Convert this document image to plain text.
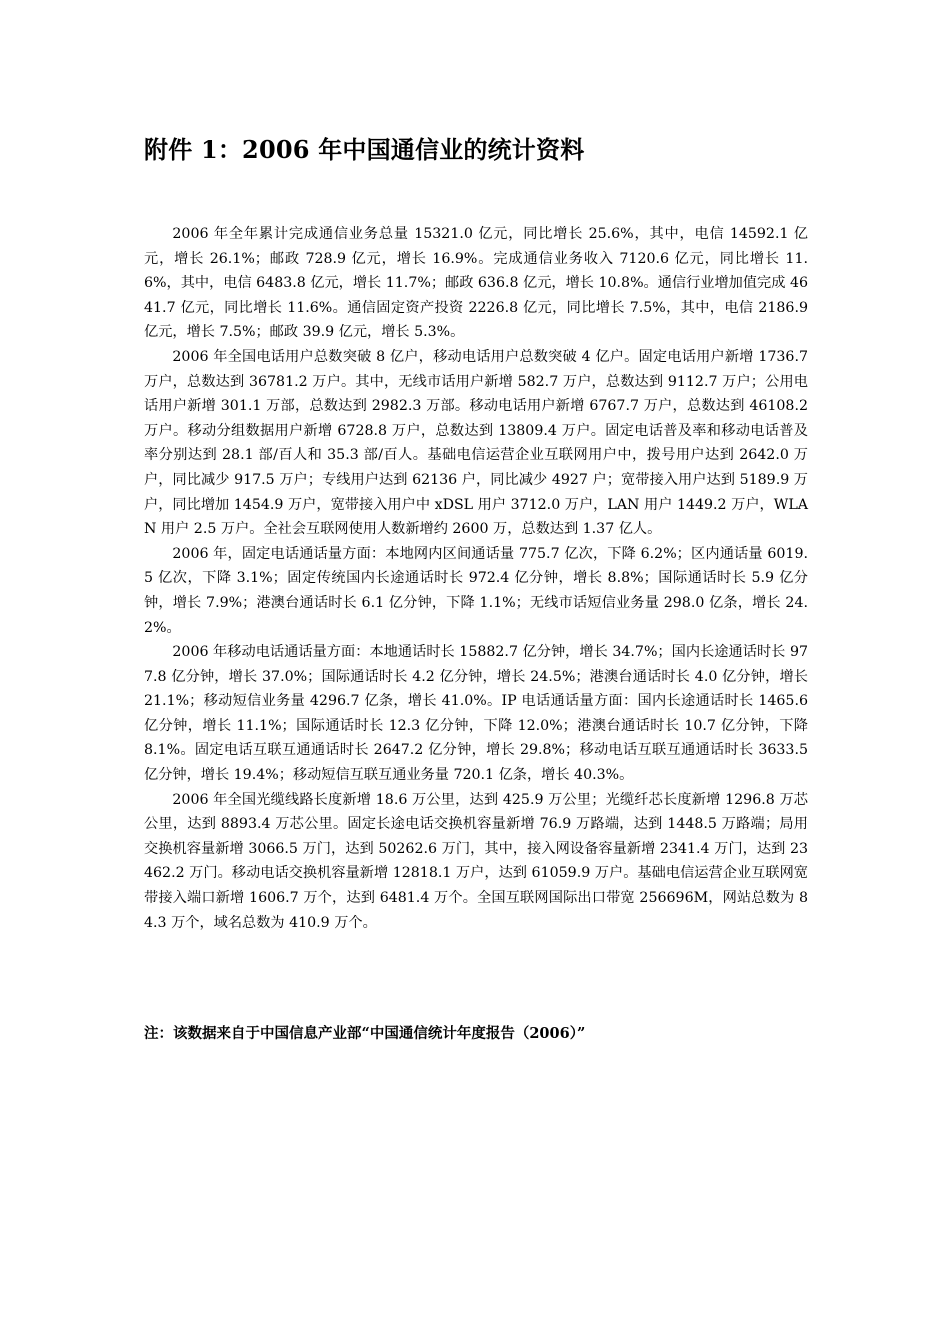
附件 1：2006 年中国通信业的统计资料

2006 年全年累计完成通信业务总量 15321.0 亿元，同比增长 25.6%，其中，电信 14592.1 亿元，增长 26.1%；邮政 728.9 亿元，增长 16.9%。完成通信业务收入 7120.6 亿元，同比增长 11.6%，其中，电信 6483.8 亿元，增长 11.7%；邮政 636.8 亿元，增长 10.8%。通信行业增加值完成 4641.7 亿元，同比增长 11.6%。通信固定资产投资 2226.8 亿元，同比增长 7.5%，其中，电信 2186.9 亿元，增长 7.5%；邮政 39.9 亿元，增长 5.3%。

2006 年全国电话用户总数突破 8 亿户，移动电话用户总数突破 4 亿户。固定电话用户新增 1736.7 万户，总数达到 36781.2 万户。其中，无线市话用户新增 582.7 万户，总数达到 9112.7 万户；公用电话用户新增 301.1 万部，总数达到 2982.3 万部。移动电话用户新增 6767.7 万户，总数达到 46108.2 万户。移动分组数据用户新增 6728.8 万户，总数达到 13809.4 万户。固定电话普及率和移动电话普及率分别达到 28.1 部/百人和 35.3 部/百人。基础电信运营企业互联网用户中，拨号用户达到 2642.0 万户，同比减少 917.5 万户；专线用户达到 62136 户，同比减少 4927 户；宽带接入用户达到 5189.9 万户，同比增加 1454.9 万户，宽带接入用户中 xDSL 用户 3712.0 万户，LAN 用户 1449.2 万户，WLAN 用户 2.5 万户。全社会互联网使用人数新增约 2600 万，总数达到 1.37 亿人。

2006 年，固定电话通话量方面：本地网内区间通话量 775.7 亿次，下降 6.2%；区内通话量 6019.5 亿次，下降 3.1%；固定传统国内长途通话时长 972.4 亿分钟，增长 8.8%；国际通话时长 5.9 亿分钟，增长 7.9%；港澳台通话时长 6.1 亿分钟，下降 1.1%；无线市话短信业务量 298.0 亿条，增长 24.2%。

2006 年移动电话通话量方面：本地通话时长 15882.7 亿分钟，增长 34.7%；国内长途通话时长 977.8 亿分钟，增长 37.0%；国际通话时长 4.2 亿分钟，增长 24.5%；港澳台通话时长 4.0 亿分钟，增长 21.1%；移动短信业务量 4296.7 亿条，增长 41.0%。IP 电话通话量方面：国内长途通话时长 1465.6 亿分钟，增长 11.1%；国际通话时长 12.3 亿分钟，下降 12.0%；港澳台通话时长 10.7 亿分钟，下降 8.1%。固定电话互联互通通话时长 2647.2 亿分钟，增长 29.8%；移动电话互联互通通话时长 3633.5 亿分钟，增长 19.4%；移动短信互联互通业务量 720.1 亿条，增长 40.3%。

2006 年全国光缆线路长度新增 18.6 万公里，达到 425.9 万公里；光缆纤芯长度新增 1296.8 万芯公里，达到 8893.4 万芯公里。固定长途电话交换机容量新增 76.9 万路端，达到 1448.5 万路端；局用交换机容量新增 3066.5 万门，达到 50262.6 万门，其中，接入网设备容量新增 2341.4 万门，达到 23462.2 万门。移动电话交换机容量新增 12818.1 万户，达到 61059.9 万户。基础电信运营企业互联网宽带接入端口新增 1606.7 万个，达到 6481.4 万个。全国互联网国际出口带宽 256696M，网站总数为 84.3 万个，域名总数为 410.9 万个。

注：该数据来自于中国信息产业部“中国通信统计年度报告（2006）”
